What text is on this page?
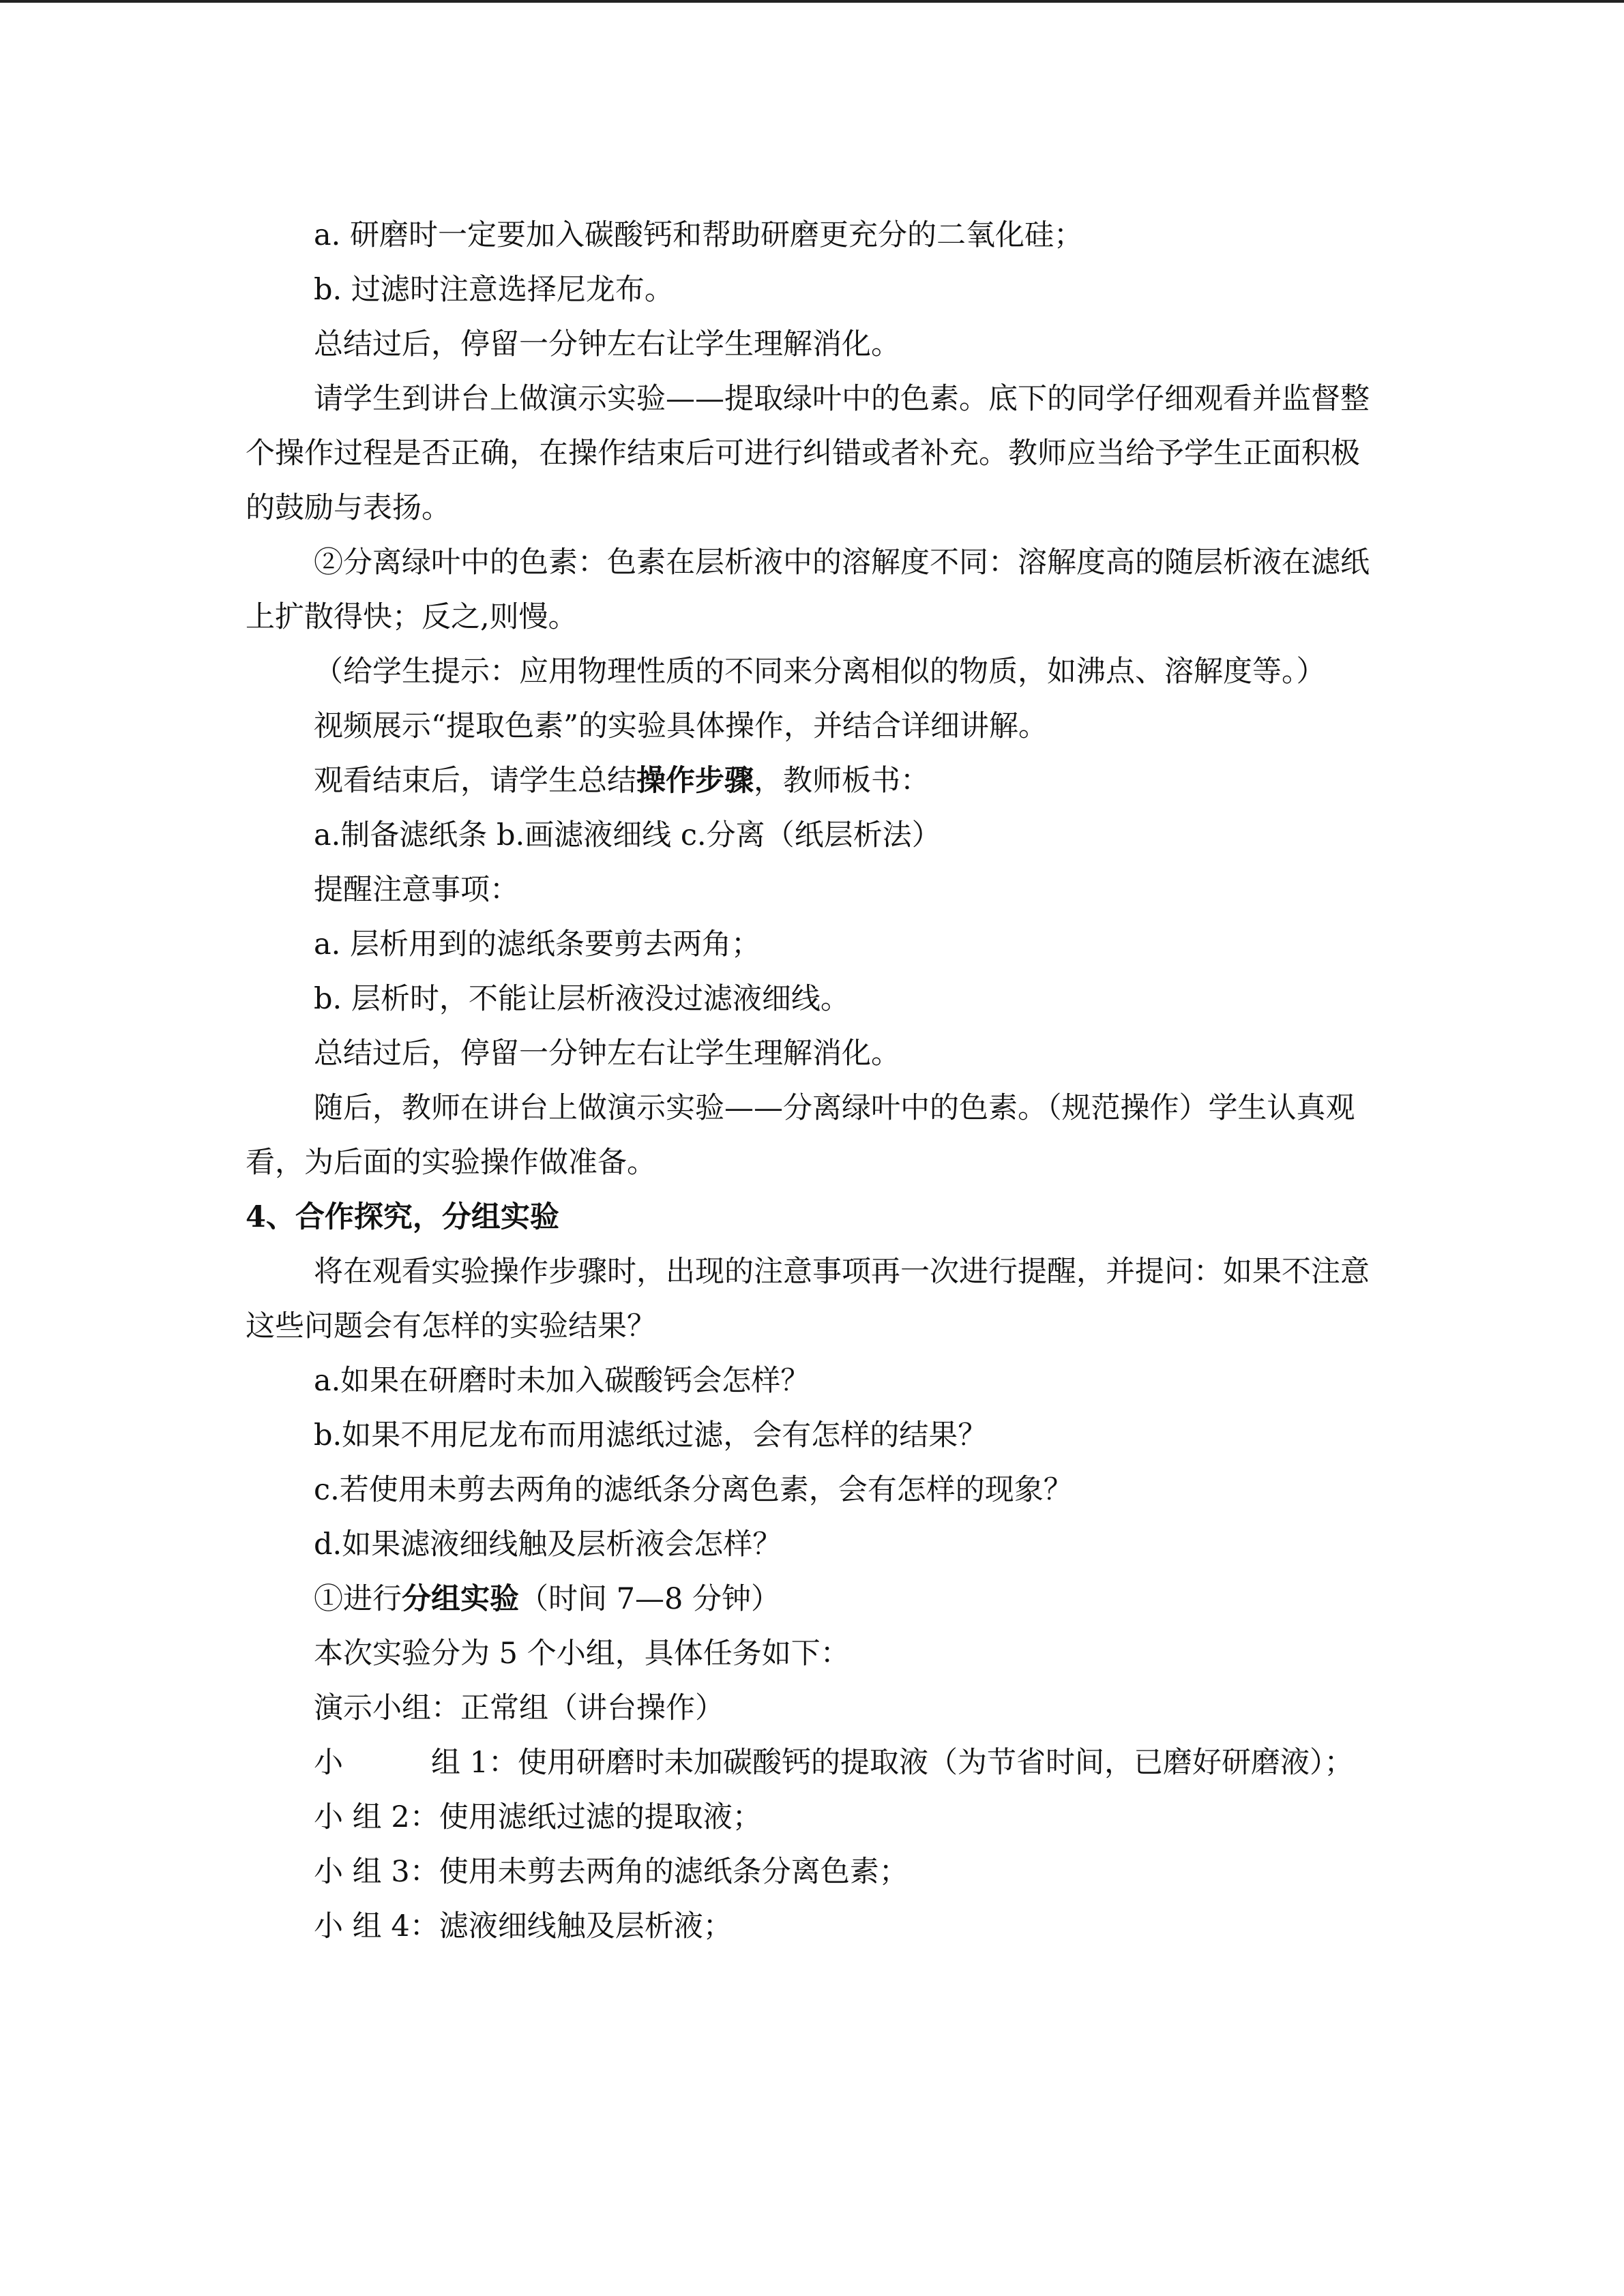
a. 研磨时一定要加入碳酸钙和帮助研磨更充分的二氧化硅；

b. 过滤时注意选择尼龙布。

总结过后，停留一分钟左右让学生理解消化。

请学生到讲台上做演示实验——提取绿叶中的色素。底下的同学仔细观看并监督整个操作过程是否正确，在操作结束后可进行纠错或者补充。教师应当给予学生正面积极的鼓励与表扬。

②分离绿叶中的色素：色素在层析液中的溶解度不同：溶解度高的随层析液在滤纸上扩散得快；反之,则慢。

（给学生提示：应用物理性质的不同来分离相似的物质，如沸点、溶解度等。）

视频展示“提取色素”的实验具体操作，并结合详细讲解。

观看结束后，请学生总结操作步骤，教师板书：

a.制备滤纸条 b.画滤液细线 c.分离（纸层析法）

提醒注意事项：

a. 层析用到的滤纸条要剪去两角；

b. 层析时，不能让层析液没过滤液细线。

总结过后，停留一分钟左右让学生理解消化。

随后，教师在讲台上做演示实验——分离绿叶中的色素。（规范操作）学生认真观看，为后面的实验操作做准备。

4、合作探究，分组实验

将在观看实验操作步骤时，出现的注意事项再一次进行提醒，并提问：如果不注意这些问题会有怎样的实验结果？

a.如果在研磨时未加入碳酸钙会怎样？

b.如果不用尼龙布而用滤纸过滤，会有怎样的结果？

c.若使用未剪去两角的滤纸条分离色素，会有怎样的现象？

d.如果滤液细线触及层析液会怎样？

①进行分组实验（时间 7—8 分钟）

本次实验分为 5 个小组，具体任务如下：

演示小组：正常组（讲台操作）

小　　　组 1：使用研磨时未加碳酸钙的提取液（为节省时间，已磨好研磨液）；

小 组 2：使用滤纸过滤的提取液；

小 组 3：使用未剪去两角的滤纸条分离色素；

小 组 4：滤液细线触及层析液；
